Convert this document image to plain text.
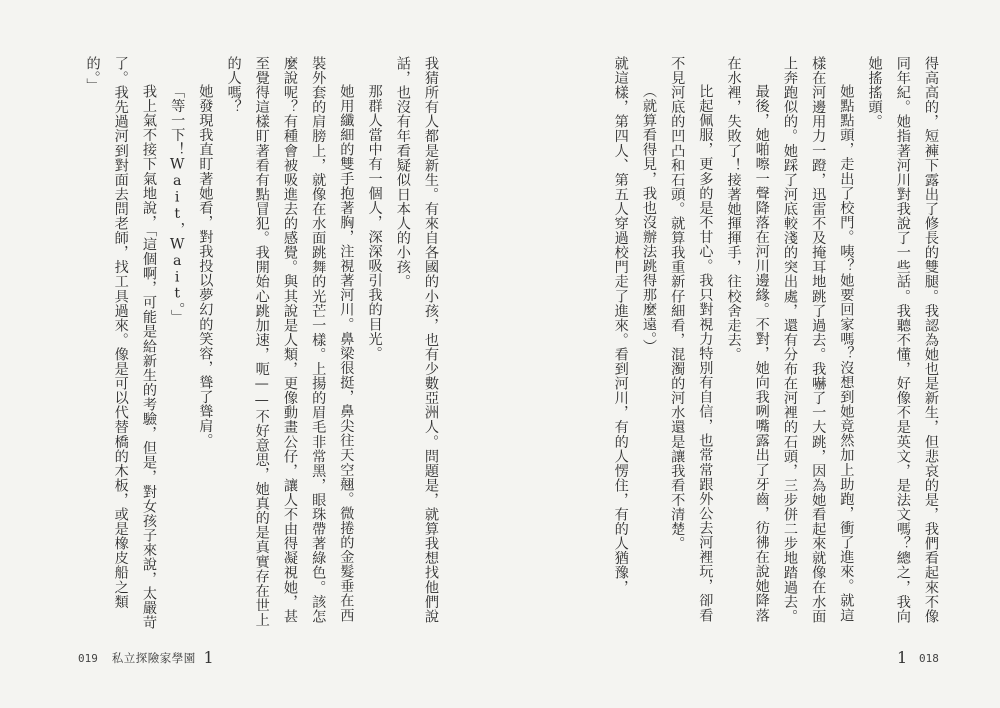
我猜所有人都是新生。有來自各國的小孩，也有少數亞洲人。問題是，就算我想找他們說話，也沒有年看疑似日本人的小孩。

那群人當中有一個人，深深吸引我的目光。

她用纖細的雙手抱著胸，注視著河川。鼻梁很挺，鼻尖往天空翹。微捲的金髮垂在西裝外套的肩膀上，就像在水面跳舞的光芒一樣。上揚的眉毛非常黑，眼珠帶著綠色。該怎麼說呢？有種會被吸進去的感覺。與其說是人類，更像動畫公仔，讓人不由得凝視她，甚至覺得這樣盯著看有點冒犯。我開始心跳加速，呃——不好意思，她真的是真實存在世上的人嗎？

她發現我直盯著她看，對我投以夢幻的笑容，聳了聳肩。

「等一下！Wait，Wait。」

我上氣不接下氣地說，「這個啊，可能是給新生的考驗，但是，對女孩子來說，太嚴苛了。我先過河到對面去問老師，找工具過來。像是可以代替橋的木板，或是橡皮船之類的。」

019 私立探險家學園 1

得高高的，短褲下露出了修長的雙腿。我認為她也是新生，但悲哀的是，我們看起來不像同年紀。她指著河川對我說了一些話。我聽不懂，好像不是英文，是法文嗎？總之，我向她搖搖頭。

她點點頭，走出了校門。咦？她要回家嗎？沒想到她竟然加上助跑，衝了進來。就這樣在河邊用力一蹬，迅雷不及掩耳地跳了過去。我嚇了一大跳，因為她看起來就像在水面上奔跑似的。她踩了河底較淺的突出處，還有分布在河裡的石頭，三步併二步地踏過去。

最後，她啪嚓一聲降落在河川邊緣。不對，她向我咧嘴露出了牙齒，彷彿在說她降落在水裡，失敗了！接著她揮揮手，往校舍走去。

比起佩服，更多的是不甘心。我只對視力特別有自信，也常常跟外公去河裡玩，卻看不見河底的凹凸和石頭。就算我重新仔細看，混濁的河水還是讓我看不清楚。

（就算看得見，我也沒辦法跳得那麼遠。）

就這樣，第四人、第五人穿過校門走了進來。看到河川，有的人愣住，有的人猶豫，

1 018
